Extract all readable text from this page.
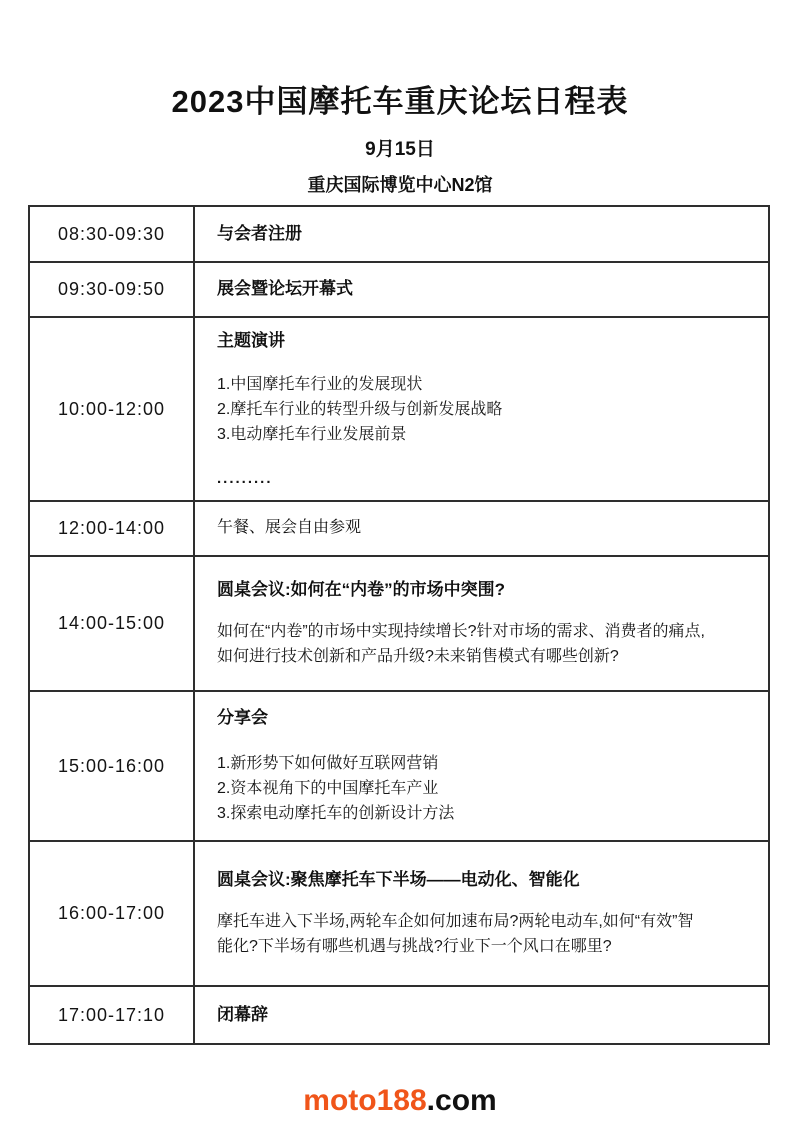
2023中国摩托车重庆论坛日程表
9月15日
重庆国际博览中心N2馆
08:30-09:30	与会者注册
09:30-09:50	展会暨论坛开幕式
10:00-12:00
主题演讲
1.中国摩托车行业的发展现状
2.摩托车行业的转型升级与创新发展战略
3.电动摩托车行业发展前景
.........
12:00-14:00	午餐、展会自由参观
14:00-15:00
圆桌会议:如何在“内卷”的市场中突围?
如何在“内卷”的市场中实现持续增长?针对市场的需求、消费者的痛点,
如何进行技术创新和产品升级?未来销售模式有哪些创新?
15:00-16:00
分享会
1.新形势下如何做好互联网营销
2.资本视角下的中国摩托车产业
3.探索电动摩托车的创新设计方法
16:00-17:00
圆桌会议:聚焦摩托车下半场——电动化、智能化
摩托车进入下半场,两轮车企如何加速布局?两轮电动车,如何“有效”智
能化?下半场有哪些机遇与挑战?行业下一个风口在哪里?
17:00-17:10	闭幕辞
moto188.com
